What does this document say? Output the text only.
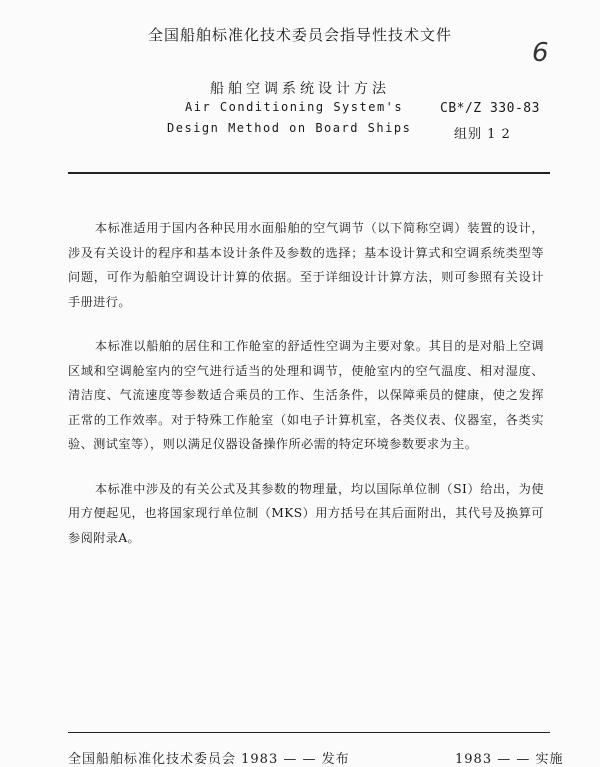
全国船舶标准化技术委员会指导性技术文件
6
船舶空调系统设计方法
Air Conditioning System's
Design Method on Board Ships
CB*/Z 330-83
组别 1 2

本标准适用于国内各种民用水面船舶的空气调节（以下简称空调）装置的设计，涉及有关设计的程序和基本设计条件及参数的选择；基本设计算式和空调系统类型等问题，可作为船舶空调设计计算的依据。至于详细设计计算方法，则可参照有关设计手册进行。

本标准以船舶的居住和工作舱室的舒适性空调为主要对象。其目的是对船上空调区域和空调舱室内的空气进行适当的处理和调节，使舱室内的空气温度、相对湿度、清洁度、气流速度等参数适合乘员的工作、生活条件，以保障乘员的健康，使之发挥正常的工作效率。对于特殊工作舱室（如电子计算机室，各类仪表、仪器室，各类实验、测试室等），则以满足仪器设备操作所必需的特定环境参数要求为主。

本标准中涉及的有关公式及其参数的物理量，均以国际单位制（SI）给出，为使用方便起见，也将国家现行单位制（MKS）用方括号在其后面附出，其代号及换算可参阅附录A。

全国船舶标准化技术委员会 1983 — — 发布	1983 — — 实施
